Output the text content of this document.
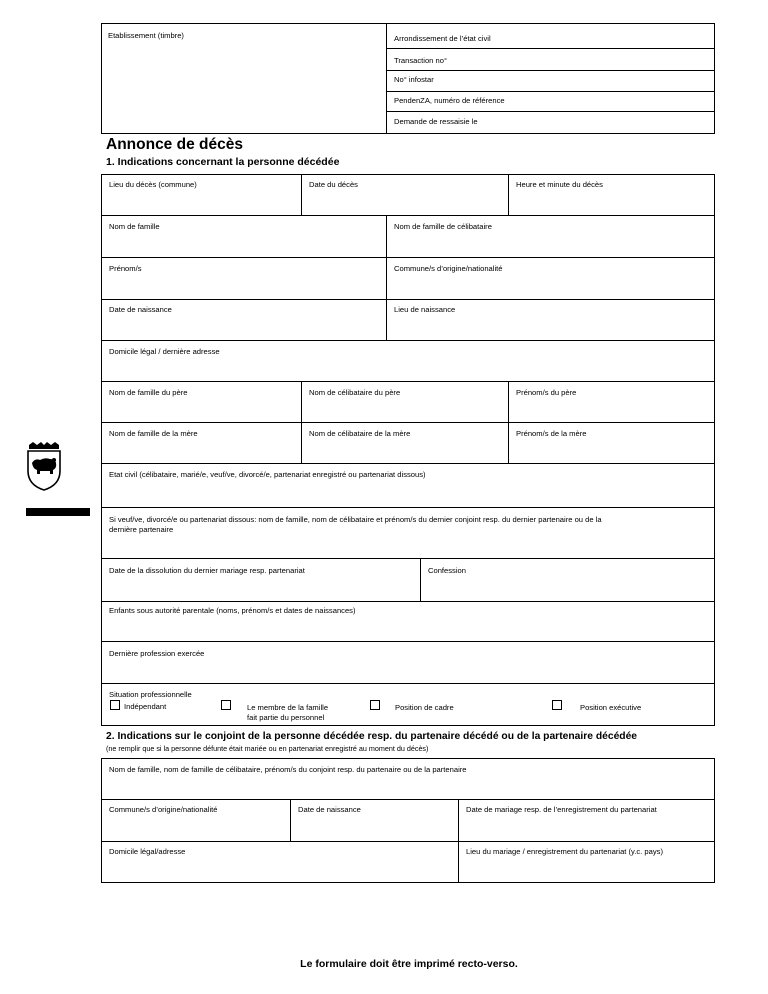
Etablissement (timbre)	Arrondissement de l’état civil
Transaction no°
No° infostar
PendenZA, numéro de référence
Demande de ressaisie le
Annonce de décès
1. Indications concernant la personne décédée
Lieu du décès (commune)	Date du décès	Heure et minute du décès
Nom de famille	Nom de famille de célibataire
Prénom/s	Commune/s d’origine/nationalité
Date de naissance	Lieu de naissance
Domicile légal / dernière adresse
Nom de famille du père	Nom de célibataire du père	Prénom/s du père
Nom de famille de la mère	Nom de célibataire de la mère	Prénom/s de la mère
Etat civil (célibataire, marié/e, veuf/ve, divorcé/e, partenariat enregistré ou partenariat dissous)
Si veuf/ve, divorcé/e ou partenariat dissous: nom de famille, nom de célibataire et prénom/s du dernier conjoint resp. du dernier partenaire ou de la
dernière partenaire
Date de la dissolution du dernier mariage resp. partenariat	Confession
Enfants sous autorité parentale (noms, prénom/s et dates de naissances)
Dernière profession exercée
Situation professionnelle
Indépendant	Le membre de la famille
fait partie du personnel
Position de cadre	Position exécutive
2. Indications sur le conjoint de la personne décédée resp. du partenaire décédé ou de la partenaire décédée
(ne remplir que si la personne défunte était mariée ou en partenariat enregistré au moment du décès)
Nom de famille, nom de famille de célibataire, prénom/s du conjoint resp. du partenaire ou de la partenaire
Commune/s d’origine/nationalité	Date de naissance	Date de mariage resp. de l’enregistrement du partenariat
Domicile légal/adresse	Lieu du mariage / enregistrement du partenariat (y.c. pays)
Le formulaire doit être imprimé recto-verso.
